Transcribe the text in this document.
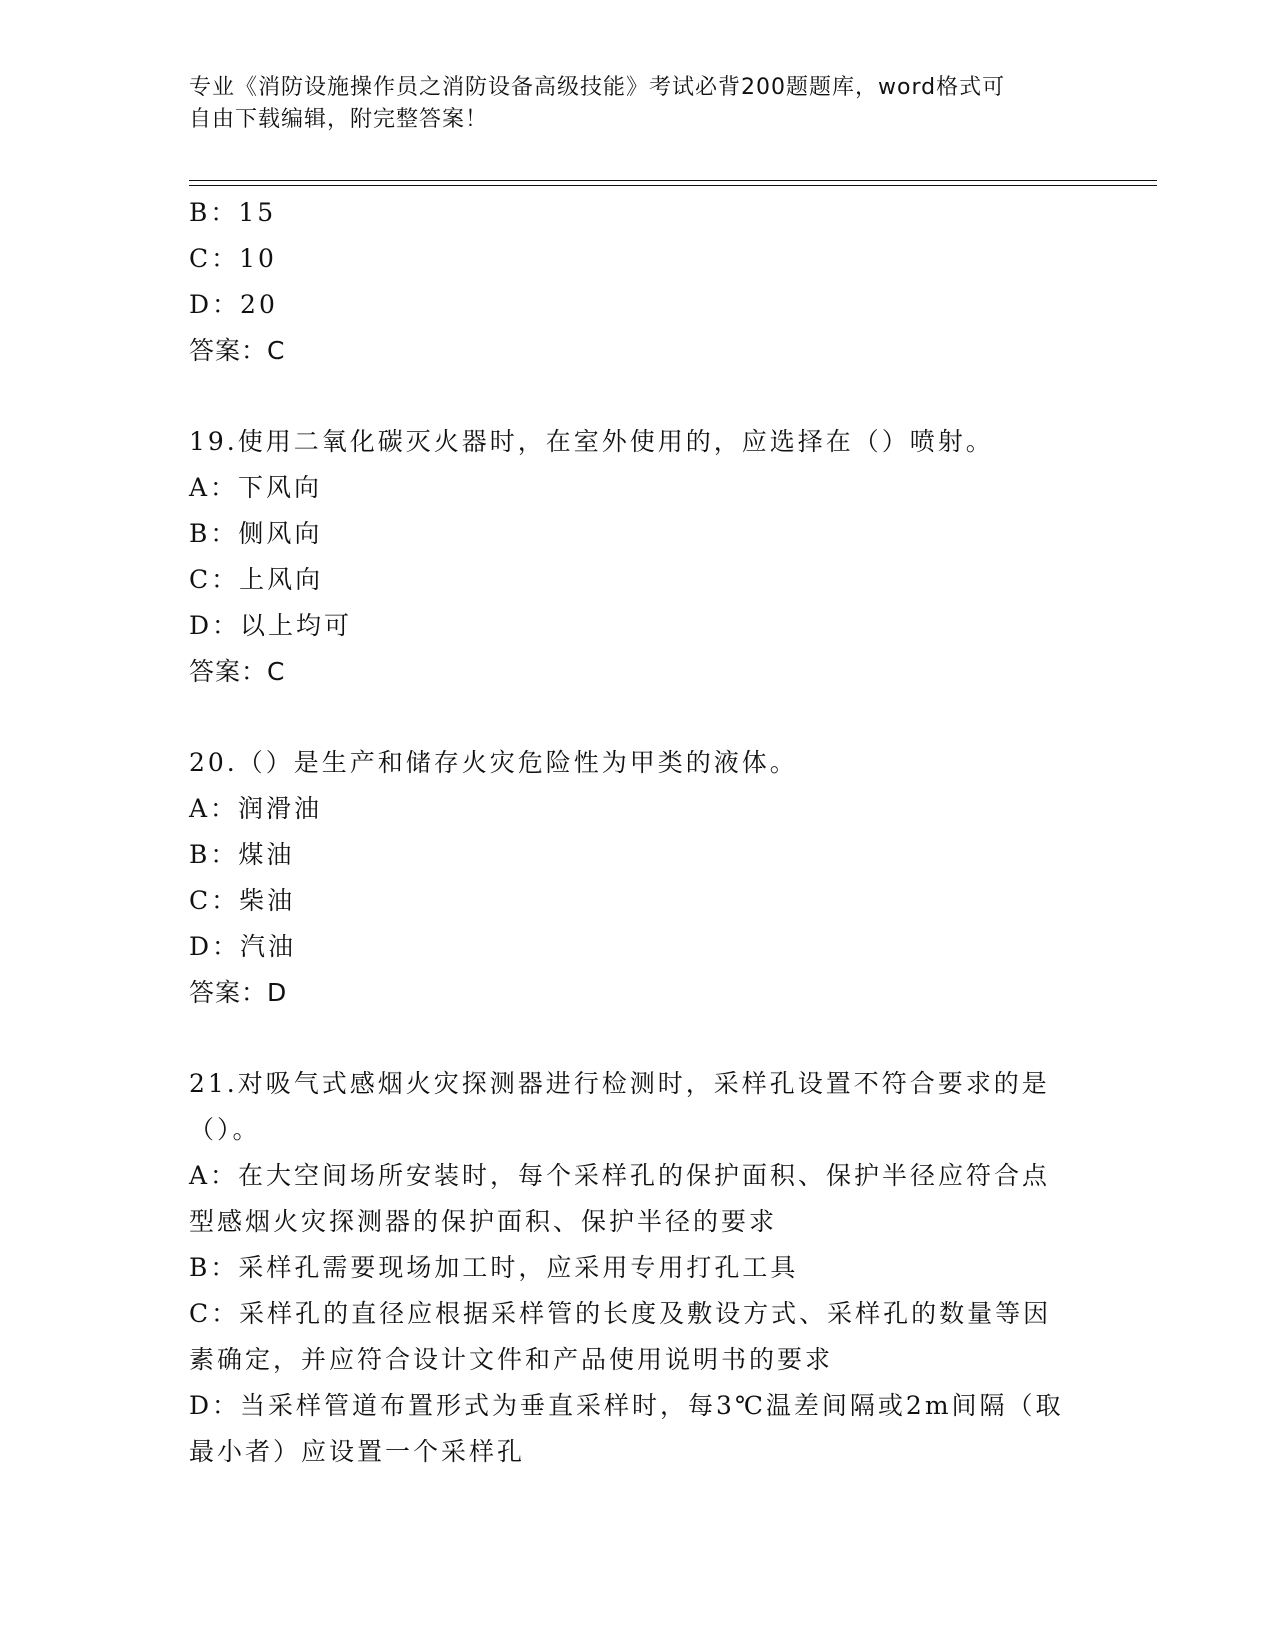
专业《消防设施操作员之消防设备高级技能》考试必背200题题库，word格式可
自由下载编辑，附完整答案！
B：15
C：10
D：20
答案：C
19.使用二氧化碳灭火器时，在室外使用的，应选择在（）喷射。
A：下风向
B：侧风向
C：上风向
D：以上均可
答案：C
20.（）是生产和储存火灾危险性为甲类的液体。
A：润滑油
B：煤油
C：柴油
D：汽油
答案：D
21.对吸气式感烟火灾探测器进行检测时，采样孔设置不符合要求的是
（）。
A：在大空间场所安装时，每个采样孔的保护面积、保护半径应符合点
型感烟火灾探测器的保护面积、保护半径的要求
B：采样孔需要现场加工时，应采用专用打孔工具
C：采样孔的直径应根据采样管的长度及敷设方式、采样孔的数量等因
素确定，并应符合设计文件和产品使用说明书的要求
D：当采样管道布置形式为垂直采样时，每3℃温差间隔或2m间隔（取
最小者）应设置一个采样孔
